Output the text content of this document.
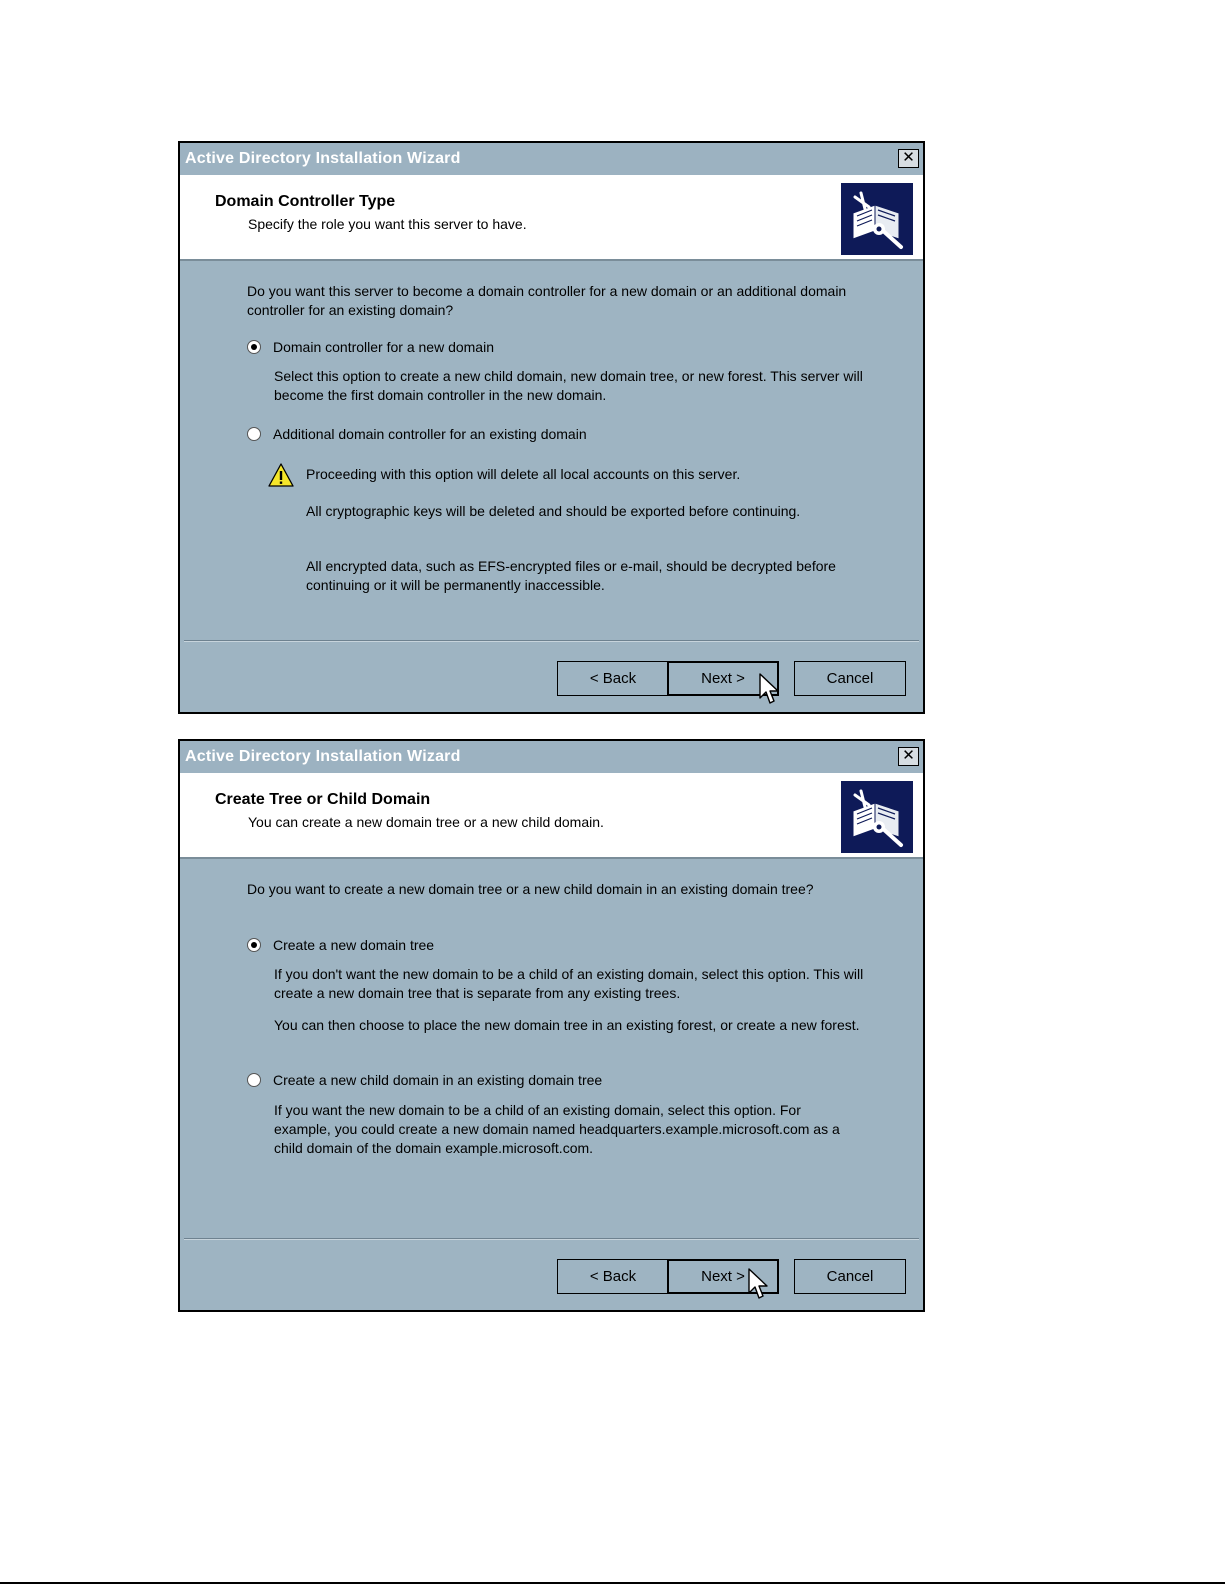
Active Directory Installation Wizard	✕
Domain Controller Type
Specify the role you want this server to have.
Do you want this server to become a domain controller for a new domain or an additional domain controller for an existing domain?
Domain controller for a new domain
Select this option to create a new child domain, new domain tree, or new forest. This server will become the first domain controller in the new domain.
Additional domain controller for an existing domain
Proceeding with this option will delete all local accounts on this server.
All cryptographic keys will be deleted and should be exported before continuing.
All encrypted data, such as EFS-encrypted files or e-mail, should be decrypted before continuing or it will be permanently inaccessible.
< Back	Next >	Cancel
Active Directory Installation Wizard	✕
Create Tree or Child Domain
You can create a new domain tree or a new child domain.
Do you want to create a new domain tree or a new child domain in an existing domain tree?
Create a new domain tree
If you don't want the new domain to be a child of an existing domain, select this option. This will create a new domain tree that is separate from any existing trees.
You can then choose to place the new domain tree in an existing forest, or create a new forest.
Create a new child domain in an existing domain tree
If you want the new domain to be a child of an existing domain, select this option. For example, you could create a new domain named headquarters.example.microsoft.com as a child domain of the domain example.microsoft.com.
< Back	Next >	Cancel
